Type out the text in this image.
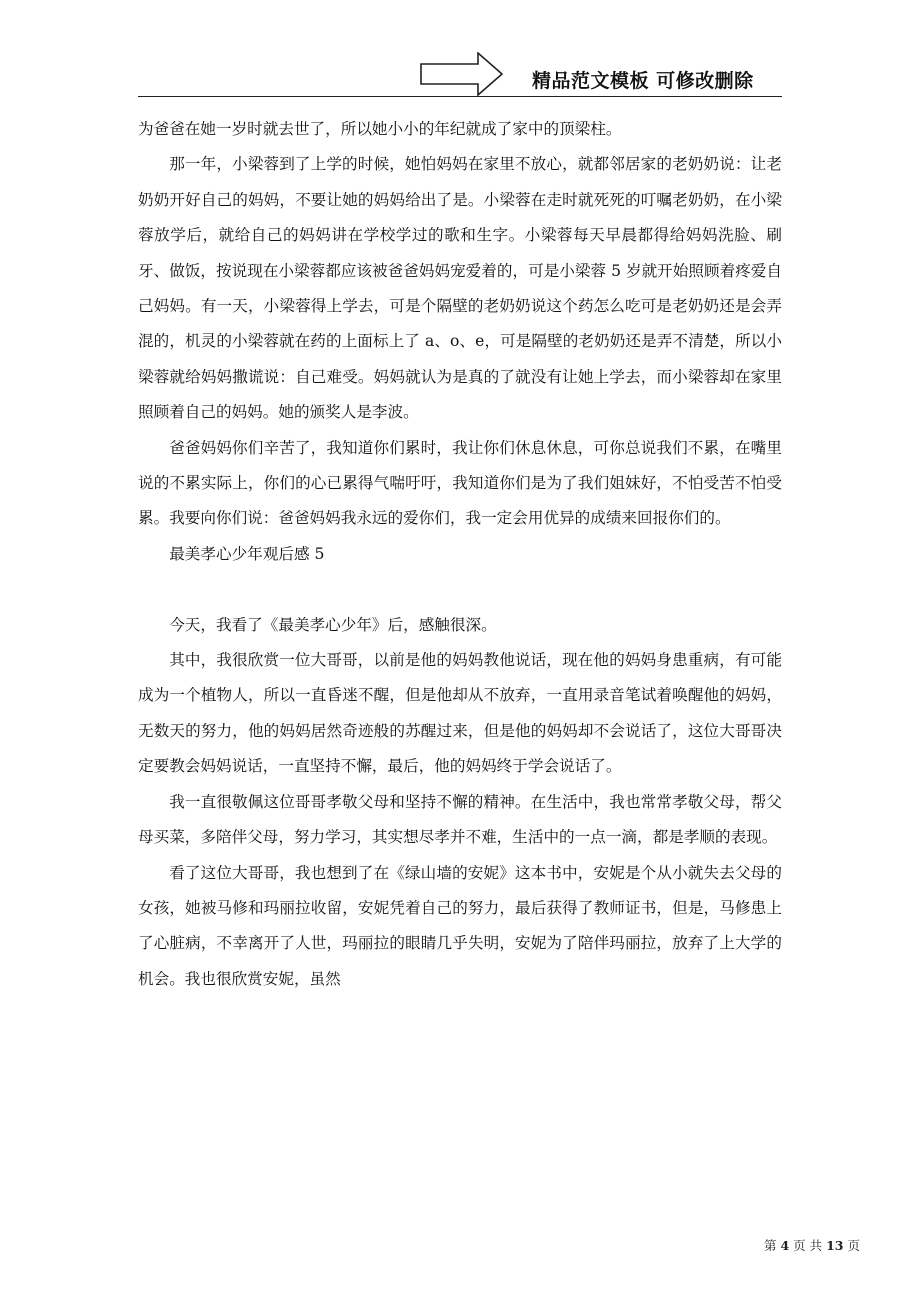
精品范文模板 可修改删除

为爸爸在她一岁时就去世了，所以她小小的年纪就成了家中的顶梁柱。

那一年，小梁蓉到了上学的时候，她怕妈妈在家里不放心，就都邻居家的老奶奶说：让老奶奶开好自己的妈妈，不要让她的妈妈给出了是。小梁蓉在走时就死死的叮嘱老奶奶，在小梁蓉放学后，就给自己的妈妈讲在学校学过的歌和生字。小梁蓉每天早晨都得给妈妈洗脸、刷牙、做饭，按说现在小梁蓉都应该被爸爸妈妈宠爱着的，可是小梁蓉 5 岁就开始照顾着疼爱自己妈妈。有一天，小梁蓉得上学去，可是个隔壁的老奶奶说这个药怎么吃可是老奶奶还是会弄混的，机灵的小梁蓉就在药的上面标上了 a、o、e，可是隔壁的老奶奶还是弄不清楚，所以小梁蓉就给妈妈撒谎说：自己难受。妈妈就认为是真的了就没有让她上学去，而小梁蓉却在家里照顾着自己的妈妈。她的颁奖人是李波。

爸爸妈妈你们辛苦了，我知道你们累时，我让你们休息休息，可你总说我们不累，在嘴里说的不累实际上，你们的心已累得气喘吁吁，我知道你们是为了我们姐妹好，不怕受苦不怕受累。我要向你们说：爸爸妈妈我永远的爱你们，我一定会用优异的成绩来回报你们的。

最美孝心少年观后感 5

今天，我看了《最美孝心少年》后，感触很深。

其中，我很欣赏一位大哥哥，以前是他的妈妈教他说话，现在他的妈妈身患重病，有可能成为一个植物人，所以一直昏迷不醒，但是他却从不放弃，一直用录音笔试着唤醒他的妈妈，无数天的努力，他的妈妈居然奇迹般的苏醒过来，但是他的妈妈却不会说话了，这位大哥哥决定要教会妈妈说话，一直坚持不懈，最后，他的妈妈终于学会说话了。

我一直很敬佩这位哥哥孝敬父母和坚持不懈的精神。在生活中，我也常常孝敬父母，帮父母买菜，多陪伴父母，努力学习，其实想尽孝并不难，生活中的一点一滴，都是孝顺的表现。

看了这位大哥哥，我也想到了在《绿山墙的安妮》这本书中，安妮是个从小就失去父母的女孩，她被马修和玛丽拉收留，安妮凭着自己的努力，最后获得了教师证书，但是，马修患上了心脏病，不幸离开了人世，玛丽拉的眼睛几乎失明，安妮为了陪伴玛丽拉，放弃了上大学的机会。我也很欣赏安妮，虽然

第 4 页 共 13 页
